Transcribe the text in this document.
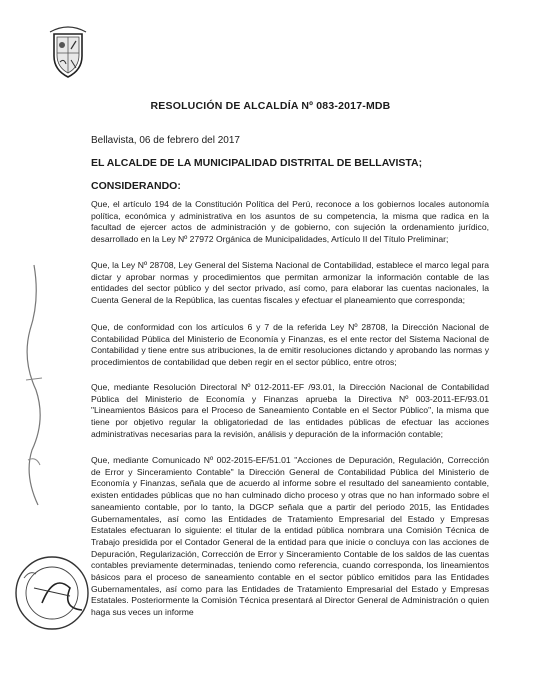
RESOLUCIÓN DE ALCALDÍA Nº 083-2017-MDB
Bellavista, 06 de febrero del 2017
EL ALCALDE DE LA MUNICIPALIDAD DISTRITAL DE BELLAVISTA;
CONSIDERANDO:

Que, el artículo 194 de la Constitución Política del Perú, reconoce a los gobiernos locales autonomía política, económica y administrativa en los asuntos de su competencia, la misma que radica en la facultad de ejercer actos de administración y de gobierno, con sujeción la ordenamiento jurídico, desarrollado en la Ley Nº 27972 Orgánica de Municipalidades, Artículo II del Título Preliminar;

Que, la Ley Nº 28708, Ley General del Sistema Nacional de Contabilidad, establece el marco legal para dictar y aprobar normas y procedimientos que permitan armonizar la información contable de las entidades del sector público y del sector privado, así como, para elaborar las cuentas nacionales, la Cuenta General de la República, las cuentas fiscales y efectuar el planeamiento que corresponda;

Que, de conformidad con los artículos 6 y 7 de la referida Ley Nº 28708, la Dirección Nacional de Contabilidad Pública del Ministerio de Economía y Finanzas, es el ente rector del Sistema Nacional de Contabilidad y tiene entre sus atribuciones, la de emitir resoluciones dictando y aprobando las normas y procedimientos de contabilidad que deben regir en el sector público, entre otros;

Que, mediante Resolución Directoral Nº 012-2011-EF /93.01, la Dirección Nacional de Contabilidad Pública del Ministerio de Economía y Finanzas aprueba la Directiva Nº 003-2011-EF/93.01 "Lineamientos Básicos para el Proceso de Saneamiento Contable en el Sector Público", la misma que tiene por objetivo regular la obligatoriedad de las entidades públicas de efectuar las acciones administrativas necesarias para la revisión, análisis y depuración de la información contable;

Que, mediante Comunicado Nº 002-2015-EF/51.01 "Acciones de Depuración, Regulación, Corrección de Error y Sinceramiento Contable" la Dirección General de Contabilidad Pública del Ministerio de Economía y Finanzas, señala que de acuerdo al informe sobre el resultado del saneamiento contable, existen entidades públicas que no han culminado dicho proceso y otras que no han informado sobre el saneamiento contable, por lo tanto, la DGCP señala que a partir del periodo 2015, las Entidades Gubernamentales, así como las Entidades de Tratamiento Empresarial del Estado y Empresas Estatales efectuaran lo siguiente: el titular de la entidad pública nombrara una Comisión Técnica de Trabajo presidida por el Contador General de la entidad para que inicie o concluya con las acciones de Depuración, Regularización, Corrección de Error y Sinceramiento Contable de los saldos de las cuentas contables previamente determinadas, teniendo como referencia, cuando corresponda, los lineamientos básicos para el proceso de saneamiento contable en el sector público emitidos para las Entidades Gubernamentales, así como para las Entidades de Tratamiento Empresarial del Estado y Empresas Estatales. Posteriormente la Comisión Técnica presentará al Director General de Administración o quien haga sus veces un informe
